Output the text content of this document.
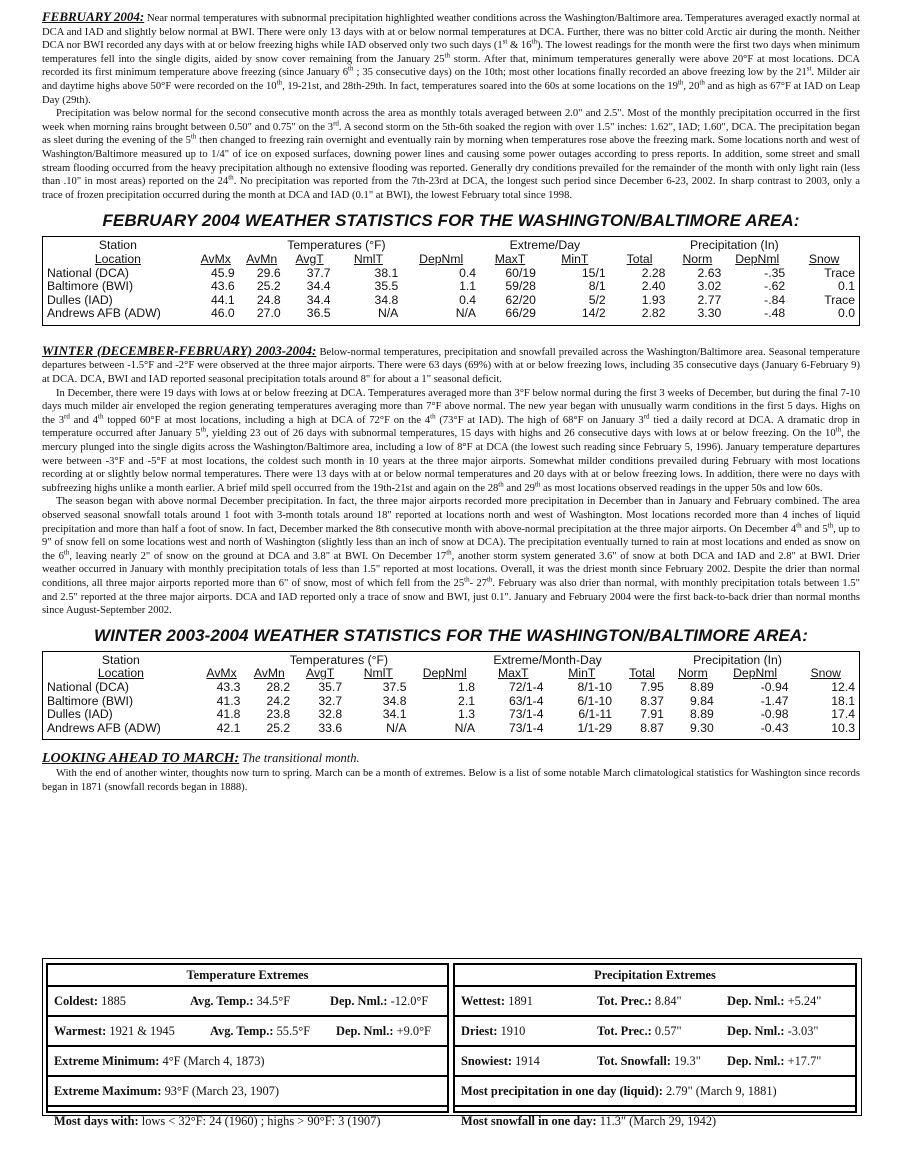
FEBRUARY 2004: Near normal temperatures with subnormal precipitation highlighted weather conditions across the Washington/Baltimore area. Temperatures averaged exactly normal at DCA and IAD and slightly below normal at BWI. There were only 13 days with at or below normal temperatures at DCA. Further, there was no bitter cold Arctic air during the month. Neither DCA nor BWI recorded any days with at or below freezing highs while IAD observed only two such days (1st & 16th). The lowest readings for the month were the first two days when minimum temperatures fell into the single digits, aided by snow cover remaining from the January 25th storm. After that, minimum temperatures generally were above 20°F at most locations. DCA recorded its first minimum temperature above freezing (since January 6th ; 35 consecutive days) on the 10th; most other locations finally recorded an above freezing low by the 21st. Milder air and daytime highs above 50°F were recorded on the 10th, 19-21st, and 28th-29th. In fact, temperatures soared into the 60s at some locations on the 19th, 20th and as high as 67°F at IAD on Leap Day (29th).

Precipitation was below normal for the second consecutive month across the area as monthly totals averaged between 2.0" and 2.5". Most of the monthly precipitation occurred in the first week when morning rains brought between 0.50" and 0.75" on the 3rd. A second storm on the 5th-6th soaked the region with over 1.5" inches: 1.62", IAD; 1.60", DCA. The precipitation began as sleet during the evening of the 5th then changed to freezing rain overnight and eventually rain by morning when temperatures rose above the freezing mark. Some locations north and west of Washington/Baltimore measured up to 1/4" of ice on exposed surfaces, downing power lines and causing some power outages according to press reports. In addition, some street and small stream flooding occurred from the heavy precipitation although no extensive flooding was reported. Generally dry conditions prevailed for the remainder of the month with only light rain (less than .10" in most areas) reported on the 24th. No precipitation was reported from the 7th-23rd at DCA, the longest such period since December 6-23, 2002. In sharp contrast to 2003, only a trace of frozen precipitation occurred during the month at DCA and IAD (0.1" at BWI), the lowest February total since 1998.

FEBRUARY 2004 WEATHER STATISTICS FOR THE WASHINGTON/BALTIMORE AREA:
Station	Temperatures (°F)					Extreme/Day		Precipitation (In)			
Location	AvMx	AvMn	AvgT	NmlT	DepNml	MaxT	MinT	Total	Norm	DepNml	Snow
National (DCA)	45.9	29.6	37.7	38.1	0.4	60/19	15/1	2.28	2.63	-.35	Trace
Baltimore (BWI)	43.6	25.2	34.4	35.5	1.1	59/28	8/1	2.40	3.02	-.62	0.1
Dulles (IAD)	44.1	24.8	34.4	34.8	0.4	62/20	5/2	1.93	2.77	-.84	Trace
Andrews AFB (ADW)	46.0	27.0	36.5	N/A	N/A	66/29	14/2	2.82	3.30	-.48	0.0

WINTER (DECEMBER-FEBRUARY) 2003-2004: Below-normal temperatures, precipitation and snowfall prevailed across the Washington/Baltimore area. Seasonal temperature departures between -1.5°F and -2°F were observed at the three major airports. There were 63 days (69%) with at or below freezing lows, including 35 consecutive days (January 6-February 9) at DCA. DCA, BWI and IAD reported seasonal precipitation totals around 8" for about a 1" seasonal deficit.

In December, there were 19 days with lows at or below freezing at DCA. Temperatures averaged more than 3°F below normal during the first 3 weeks of December, but during the final 7-10 days much milder air enveloped the region generating temperatures averaging more than 7°F above normal. The new year began with unusually warm conditions in the first 5 days. Highs on the 3rd and 4th topped 60°F at most locations, including a high at DCA of 72°F on the 4th (73°F at IAD). The high of 68°F on January 3rd tied a daily record at DCA. A dramatic drop in temperature occurred after January 5th, yielding 23 out of 26 days with subnormal temperatures, 15 days with highs and 26 consecutive days with lows at or below freezing. On the 10th, the mercury plunged into the single digits across the Washington/Baltimore area, including a low of 8°F at DCA (the lowest such reading since February 5, 1996). January temperature departures were between -3°F and -5°F at most locations, the coldest such month in 10 years at the three major airports. Somewhat milder conditions prevailed during February with most locations recording at or slightly below normal temperatures. There were 13 days with at or below normal temperatures and 20 days with at or below freezing lows. In addition, there were no days with subfreezing highs unlike a month earlier. A brief mild spell occurred from the 19th-21st and again on the 28th and 29th as most locations observed readings in the upper 50s and low 60s.

The season began with above normal December precipitation. In fact, the three major airports recorded more precipitation in December than in January and February combined. The area observed seasonal snowfall totals around 1 foot with 3-month totals around 18" reported at locations north and west of Washington. Most locations recorded more than 4 inches of liquid precipitation and more than half a foot of snow. In fact, December marked the 8th consecutive month with above-normal precipitation at the three major airports. On December 4th and 5th, up to 9" of snow fell on some locations west and north of Washington (slightly less than an inch of snow at DCA). The precipitation eventually turned to rain at most locations and ended as snow on the 6th, leaving nearly 2" of snow on the ground at DCA and 3.8" at BWI. On December 17th, another storm system generated 3.6" of snow at both DCA and IAD and 2.8" at BWI. Drier weather occurred in January with monthly precipitation totals of less than 1.5" reported at most locations. Overall, it was the driest month since February 2002. Despite the drier than normal conditions, all three major airports reported more than 6" of snow, most of which fell from the 25th- 27th. February was also drier than normal, with monthly precipitation totals between 1.5" and 2.5" reported at the three major airports. DCA and IAD reported only a trace of snow and BWI, just 0.1". January and February 2004 were the first back-to-back drier than normal months since August-September 2002.

WINTER 2003-2004 WEATHER STATISTICS FOR THE WASHINGTON/BALTIMORE AREA:
Station	Temperatures (°F)					Extreme/Month-Day		Precipitation (In)			
Location	AvMx	AvMn	AvgT	NmlT	DepNml	MaxT	MinT	Total	Norm	DepNml	Snow
National (DCA)	43.3	28.2	35.7	37.5	1.8	72/1-4	8/1-10	7.95	8.89	-0.94	12.4
Baltimore (BWI)	41.3	24.2	32.7	34.8	2.1	63/1-4	6/1-10	8.37	9.84	-1.47	18.1
Dulles (IAD)	41.8	23.8	32.8	34.1	1.3	73/1-4	6/1-11	7.91	8.89	-0.98	17.4
Andrews AFB (ADW)	42.1	25.2	33.6	N/A	N/A	73/1-4	1/1-29	8.87	9.30	-0.43	10.3

LOOKING AHEAD TO MARCH: The transitional month.

With the end of another winter, thoughts now turn to spring. March can be a month of extremes. Below is a list of some notable March climatological statistics for Washington since records began in 1871 (snowfall records began in 1888).

Temperature Extremes
Coldest: 1885	Avg. Temp.: 34.5°F	Dep. Nml.: -12.0°F
Warmest: 1921 & 1945	Avg. Temp.: 55.5°F Dep. Nml.: +9.0°F
Extreme Minimum: 4°F (March 4, 1873)
Extreme Maximum: 93°F (March 23, 1907)
Most days with: lows < 32°F: 24 (1960) ; highs > 90°F: 3 (1907)
Precipitation Extremes
Wettest: 1891	Tot. Prec.: 8.84"	Dep. Nml.: +5.24"
Driest: 1910	Tot. Prec.: 0.57"	Dep. Nml.: -3.03"
Snowiest: 1914	Tot. Snowfall: 19.3" Dep. Nml.: +17.7"
Most precipitation in one day (liquid): 2.79" (March 9, 1881)
Most snowfall in one day: 11.3" (March 29, 1942)
